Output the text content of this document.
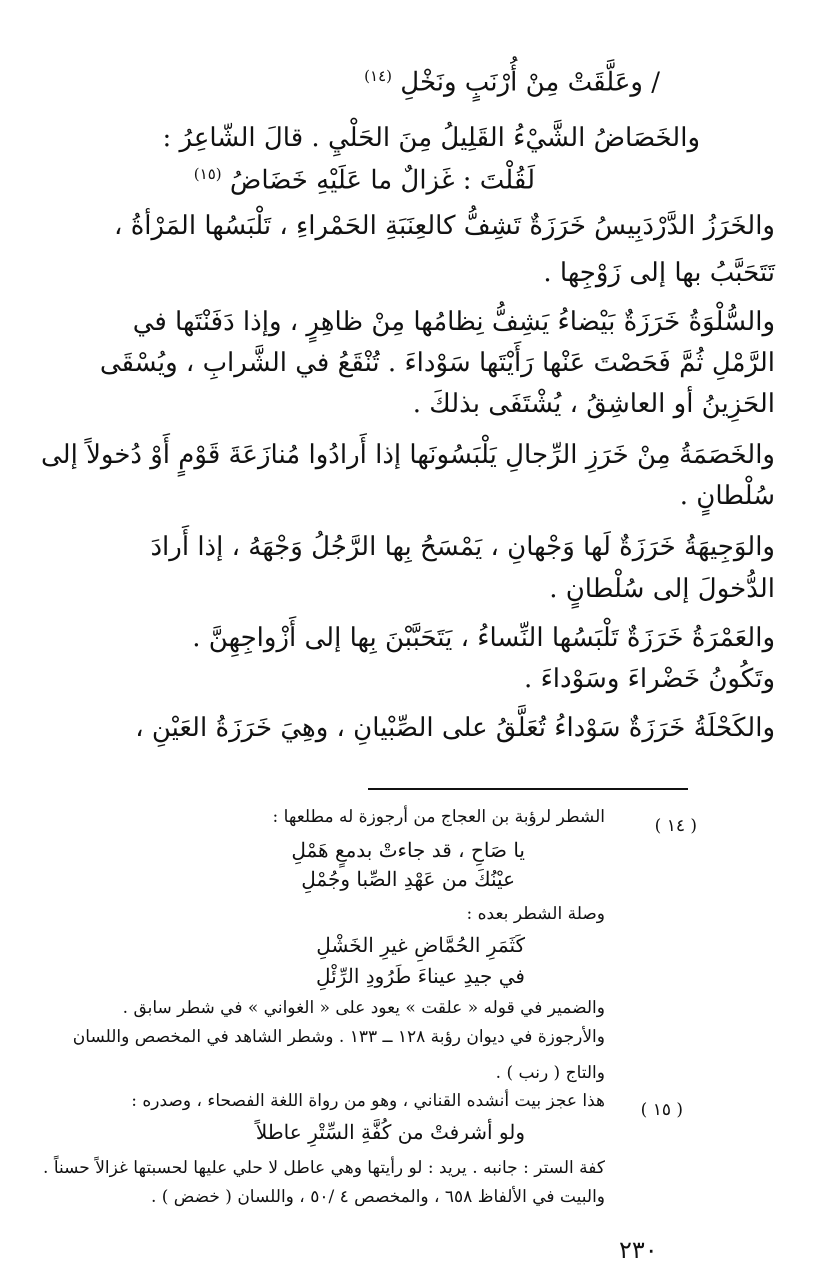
/ وعَلَّقَتْ مِنْ أُرْنَبٍ ونَخْلِ $^{(١٤)}$
والخَصَاضُ الشَّيْءُ القَلِيلُ مِنَ الحَلْيِ . قالَ الشّاعِرُ :
لَقُلْتَ : غَزالٌ ما عَلَيْهِ خَضَاضُ $^{(١٥)}$
والخَرَزُ الدَّرْدَبِيسُ خَرَزَةٌ تَشِفُّ كالعِنَبَةِ الحَمْراءِ ، تَلْبَسُها المَرْأةُ ،
تَتَحَبَّبُ بها إلى زَوْجِها .
والسُّلْوَةُ خَرَزَةٌ بَيْضاءُ يَشِفُّ نِظامُها مِنْ ظاهِرٍ ، وإذا دَفَنْتَها في
الرَّمْلِ ثُمَّ فَحَصْتَ عَنْها رَأَيْتَها سَوْداءَ . تُنْقَعُ في الشَّرابِ ، ويُسْقَى
الحَزِينُ أو العاشِقُ ، يُشْتَفَى بذلكَ .
والخَصَمَةُ مِنْ خَرَزِ الرِّجالِ يَلْبَسُونَها إذا أَرادُوا مُنازَعَةَ قَوْمٍ أَوْ دُخولاً إلى
سُلْطانٍ .
والوَجِيهَةُ خَرَزَةٌ لَها وَجْهانِ ، يَمْسَحُ بِها الرَّجُلُ وَجْهَهُ ، إذا أَرادَ
الدُّخولَ إلى سُلْطانٍ .
والعَمْرَةُ خَرَزَةٌ تَلْبَسُها النِّساءُ ، يَتَحَبَّبْنَ بِها إلى أَزْواجِهِنَّ .
وتَكُونُ خَضْراءَ وسَوْداءَ .
والكَحْلَةُ خَرَزَةٌ سَوْداءُ تُعَلَّقُ على الصِّبْيانِ ، وهِيَ خَرَزَةُ العَيْنِ ،
( ١٤ )
الشطر لرؤبة بن العجاج من أرجوزة له مطلعها :
يا صَاحِ ، قد جاءتْ بدمعٍ هَمْلِ
عيْنُكَ من عَهْدِ الصِّبا وجُمْلِ
وصلة الشطر بعده :
كَثَمَرِ الحُمَّاضِ غيرِ الخَشْلِ
في جيدِ عيناءَ طَرُودِ الرِّئْلِ
والضمير في قوله « علقت » يعود على « الغواني » في شطر سابق .
والأرجوزة في ديوان رؤبة ١٢٨ ــ ١٣٣ . وشطر الشاهد في المخصص واللسان
والتاج ( رنب ) .
( ١٥ )
هذا عجز بيت أنشده القناني ، وهو من رواة اللغة الفصحاء ، وصدره :
ولو أشرفتْ من كُفَّةِ السِّتْرِ عاطلاً
كفة الستر : جانبه . يريد : لو رأيتها وهي عاطل لا حلي عليها لحسبتها غزالاً حسناً .
والبيت في الألفاظ ٦٥٨ ، والمخصص ٤ /٥٠ ، واللسان ( خضض ) .
٢٣٠
